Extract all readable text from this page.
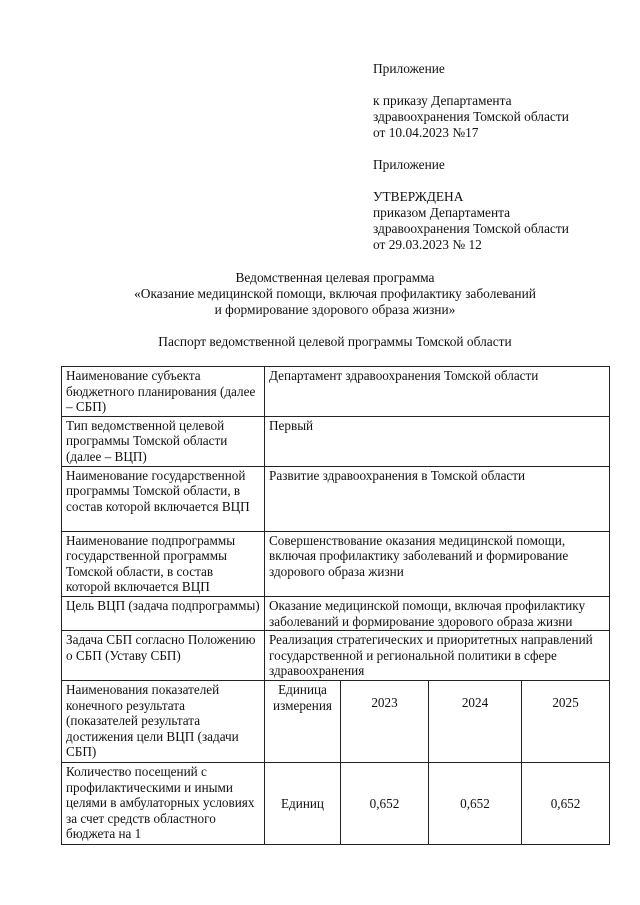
Приложение
к приказу Департамента
здравоохранения Томской области
от 10.04.2023 №17
Приложение
УТВЕРЖДЕНА
приказом Департамента
здравоохранения Томской области
от 29.03.2023 № 12
Ведомственная целевая программа
«Оказание медицинской помощи, включая профилактику заболеваний
и формирование здорового образа жизни»
Паспорт ведомственной целевой программы Томской области
Наименование субъекта бюджетного планирования (далее – СБП)	Департамент здравоохранения Томской области			
Тип ведомственной целевой программы Томской области (далее – ВЦП)	Первый			
Наименование государственной программы Томской области, в состав которой включается ВЦП	Развитие здравоохранения в Томской области			
Наименование подпрограммы государственной программы Томской области, в состав которой включается ВЦП	Совершенствование оказания медицинской помощи, включая профилактику заболеваний и формирование здорового образа жизни			
Цель ВЦП (задача подпрограммы)	Оказание медицинской помощи, включая профилактику заболеваний и формирование здорового образа жизни			
Задача СБП согласно Положению о СБП (Уставу СБП)	Реализация стратегических и приоритетных направлений государственной и региональной политики в сфере здравоохранения			
Наименования показателей конечного результата (показателей результата достижения цели ВЦП (задачи СБП)	Единица измерения	2023	2024	2025
Количество посещений с профилактическими и иными целями в амбулаторных условиях за счет средств областного бюджета на 1	Единиц	0,652	0,652	0,652
